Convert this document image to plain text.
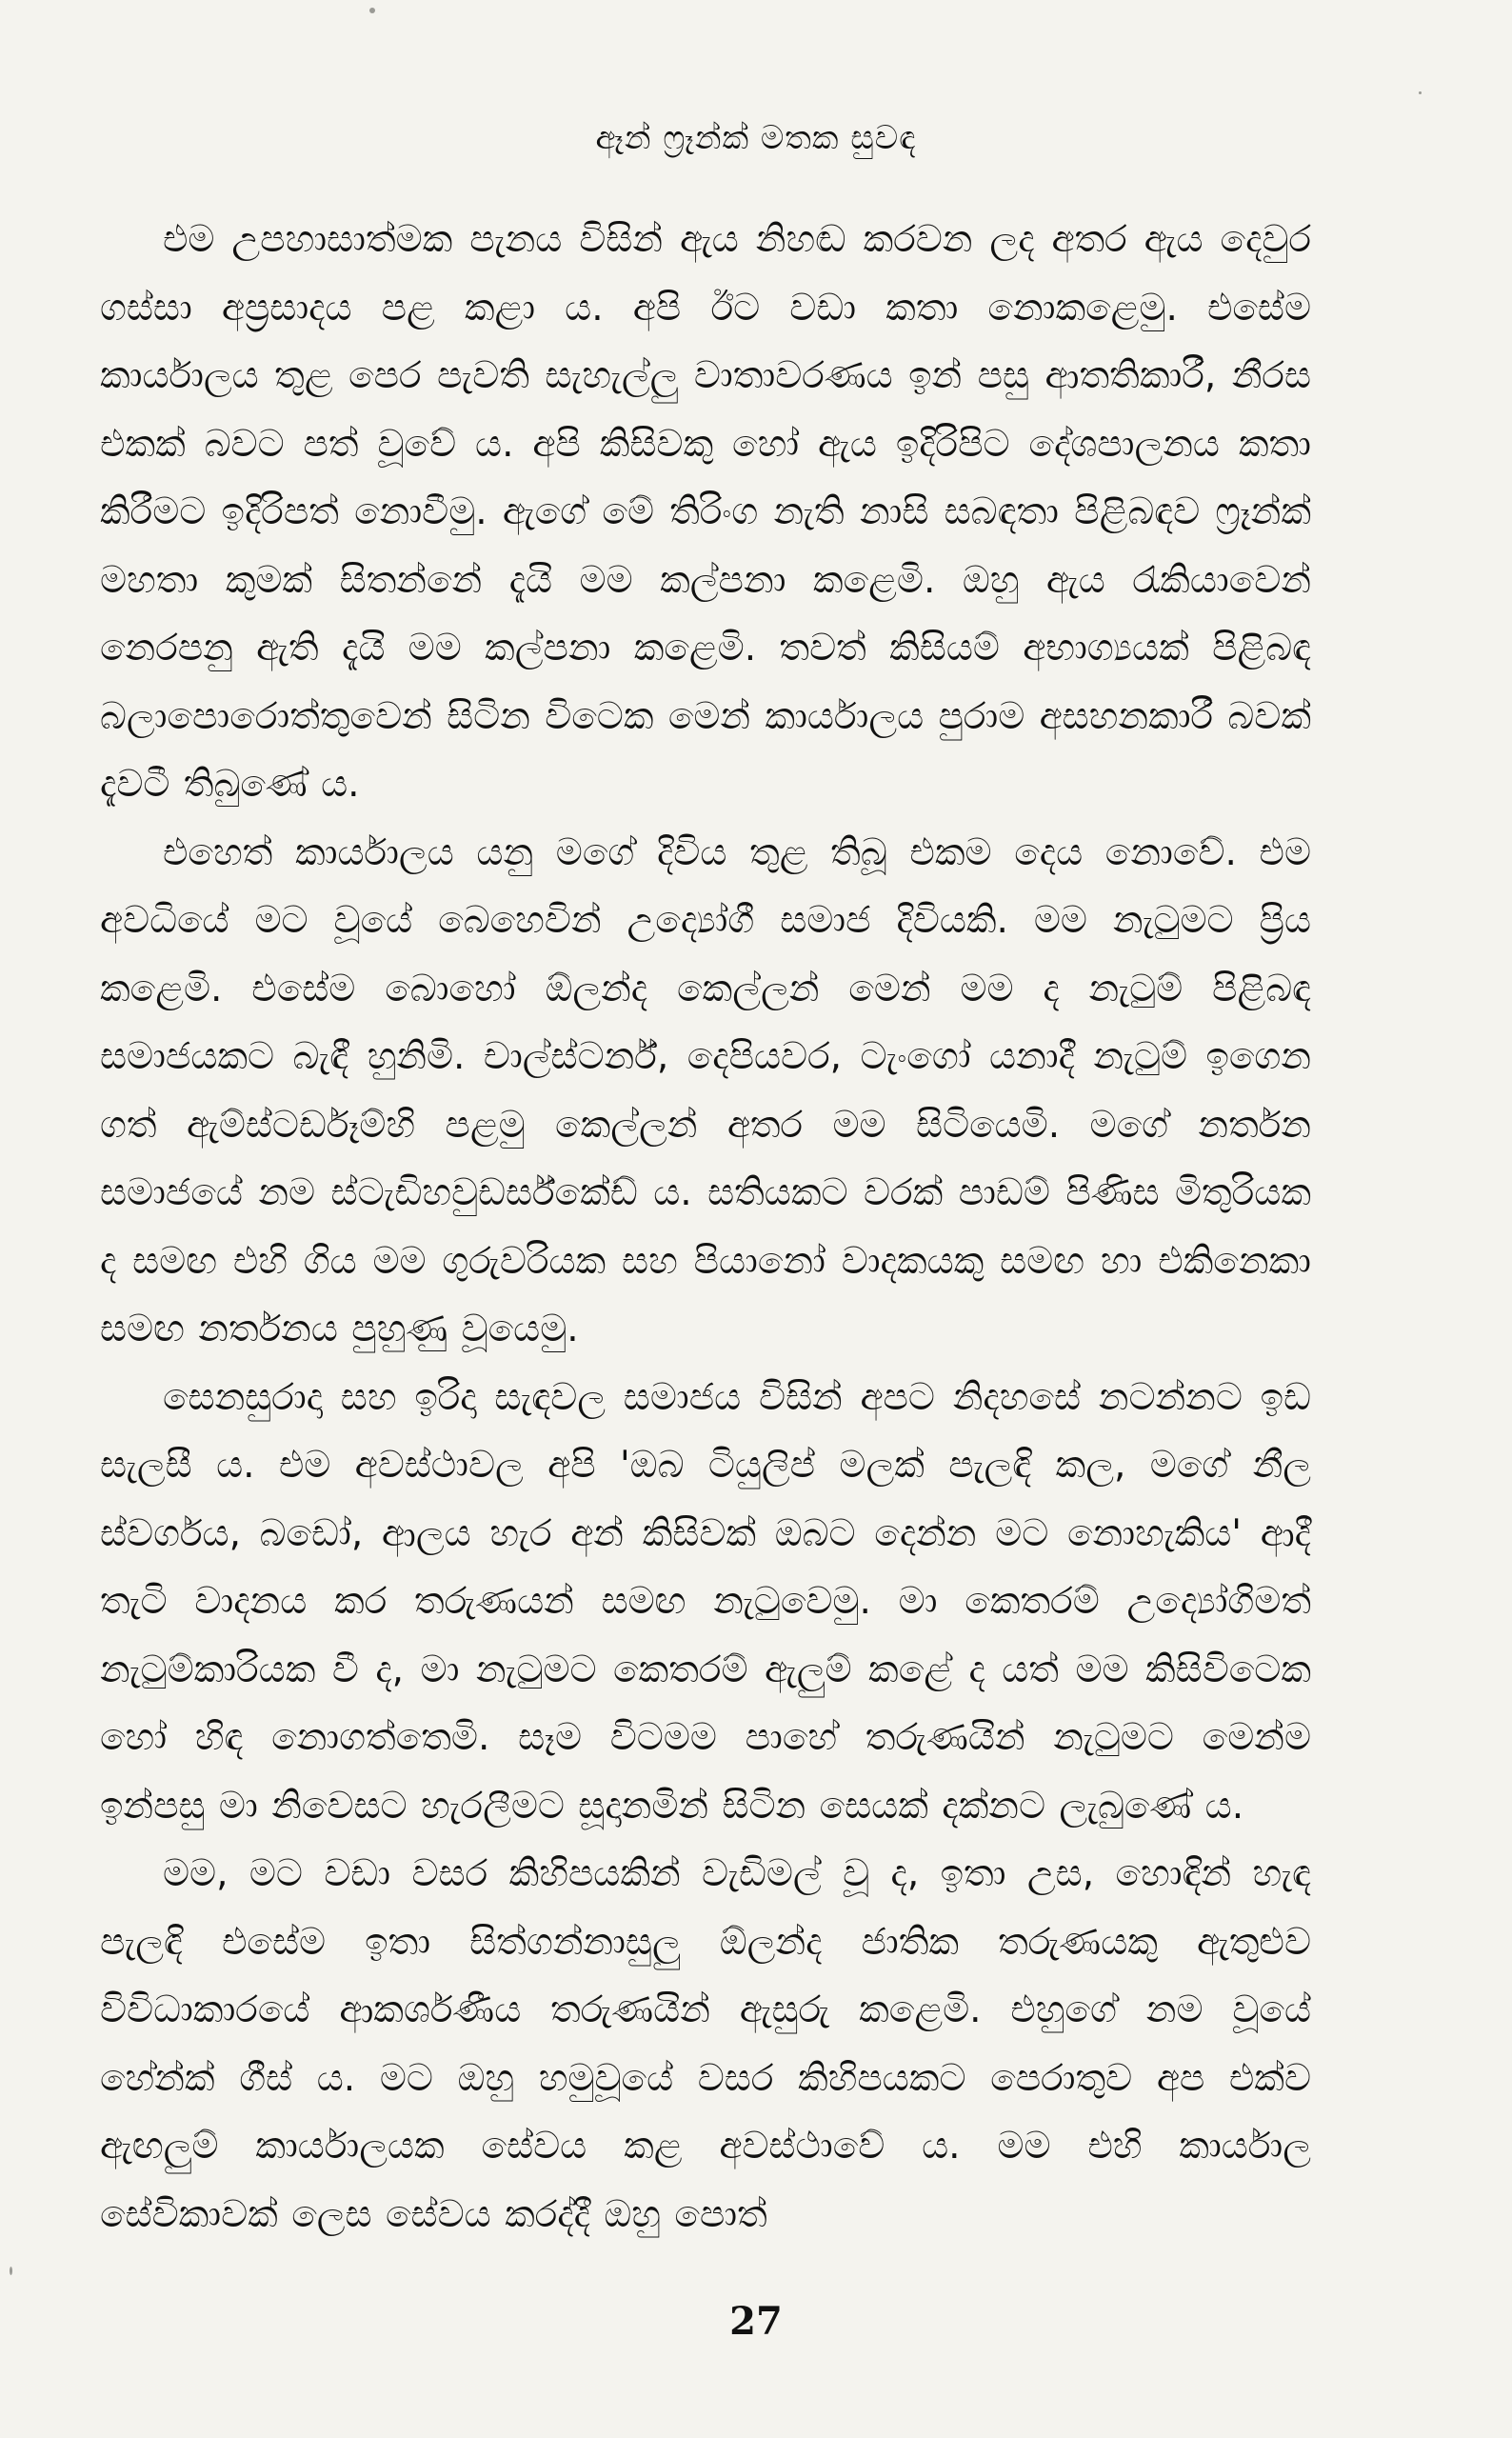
ඈන් ෆ්‍රෑන්ක් මතක සුවඳ

එම උපහාසාත්මක පැනය විසින් ඇය නිහඬ කරවන ලද අතර ඇය දෙවුර ගස්සා අප්‍රසාදය පළ කළා ය. අපි ඊට වඩා කතා නොකළෙමු. එසේම කාර්යාලය තුළ පෙර පැවති සැහැල්ලු වාතාවරණය ඉන් පසු ආතතිකාරී, නීරස එකක් බවට පත් වූවේ ය. අපි කිසිවකු හෝ ඇය ඉදිරිපිට දේශපාලනය කතා කිරීමට ඉදිරිපත් නොවීමු. ඇගේ මේ තිරිංග නැති නාසි සබඳතා පිළිබඳව ෆ්‍රෑන්ක් මහතා කුමක් සිතන්නේ දැයි මම කල්පනා කළෙමි. ඔහු ඇය රැකියාවෙන් නෙරපනු ඇති දැයි මම කල්පනා කළෙමි. තවත් කිසියම් අභාග්‍යයක් පිළිබඳ බලාපොරොත්තුවෙන් සිටින විටෙක මෙන් කාර්යාලය පුරාම අසහනකාරී බවක් දැවටී තිබුණේ ය.

එහෙත් කාර්යාලය යනු මගේ දිවිය තුළ තිබූ එකම දෙය නොවේ. එම අවධියේ මට වූයේ බෙහෙවින් උද්‍යෝගී සමාජ දිවියකි. මම නැටුමට ප්‍රිය කළෙමි. එසේම බොහෝ ඕලන්ද කෙල්ලන් මෙන් මම ද නැටුම් පිළිබඳ සමාජයකට බැඳී හුනිමි. චාල්ස්ටර්න්, දෙපියවර, ටැංගෝ යනාදී නැටුම් ඉගෙන ගත් ඇම්ස්ටර්ඩෑම්හි පළමු කෙල්ලන් අතර මම සිටියෙමි. මගේ නර්තන සමාජයේ නම ස්ටැඩිහවුඩර්ස්කේඩ් ය. සතියකට වරක් පාඩම් පිණිස මිතුරියක ද සමඟ එහි ගිය මම ගුරුවරියක සහ පියානෝ වාදකයකු සමඟ හා එකිනෙකා සමඟ නර්තනය පුහුණු වූයෙමු.

සෙනසුරාදා සහ ඉරිදා සැඳවල සමාජය විසින් අපට නිදහසේ නටන්නට ඉඩ සැලසී ය. එම අවස්ථාවල අපි 'ඔබ ටියුලිප් මලක් පැලඳි කල, මගේ නීල ස්වර්ගය, බඩෝ, ආලය හැර අන් කිසිවක් ඔබට දෙන්න මට නොහැකිය' ආදී තැටි වාදනය කර තරුණයන් සමඟ නැටුවෙමු. මා කෙතරම් උද්‍යෝගිමත් නැටුම්කාරියක වී ද, මා නැටුමට කෙතරම් ඇලුම් කළේ ද යත් මම කිසිවිටෙක හෝ හිඳ නොගත්තෙමි. සෑම විටමම පාහේ තරුණයින් නැටුමට මෙන්ම ඉන්පසු මා නිවෙසට හැරලීමට සූදානමින් සිටින සෙයක් දක්නට ලැබුණේ ය.

මම, මට වඩා වසර කිහිපයකින් වැඩිමල් වූ ද, ඉතා උස, හොඳින් හැඳ පැලඳි එසේම ඉතා සිත්ගන්නාසුලු ඕලන්ද ජාතික තරුණයකු ඇතුළුව විවිධාකාරයේ ආකර්ශණීය තරුණයින් ඇසුරු කළෙමි. එහුගේ නම වූයේ හේන්ක් ගීස් ය. මට ඔහු හමුවූයේ වසර කිහිපයකට පෙරාතුව අප එක්ව ඇඟලුම් කාර්යාලයක සේවය කළ අවස්ථාවේ ය. මම එහි කාර්යාල සේවිකාවක් ලෙස සේවය කරද්දී ඔහු පොත්

27
